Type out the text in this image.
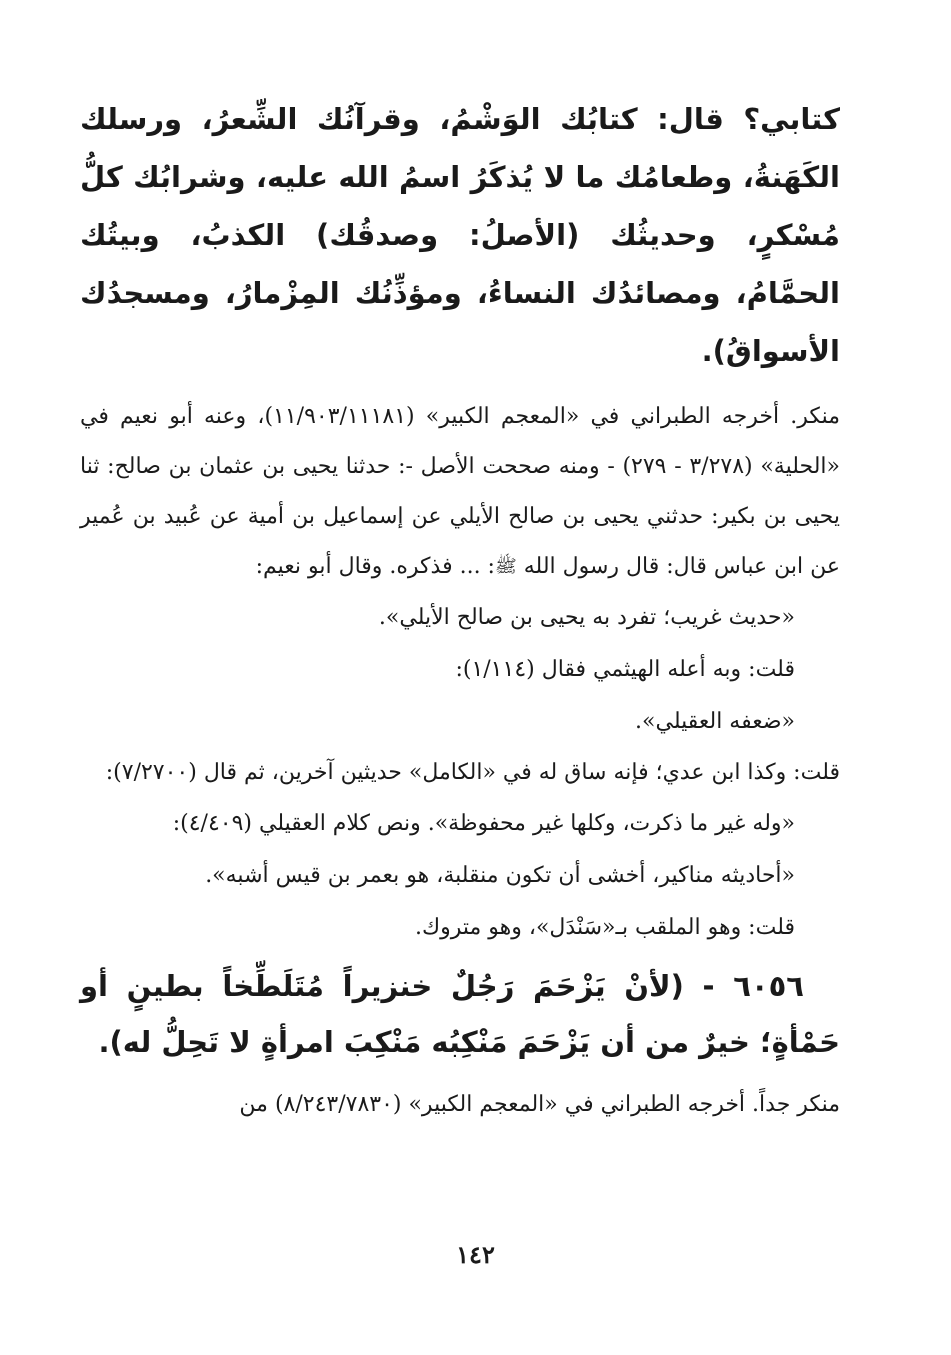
كتابي؟ قال: كتابُك الوَشْمُ، وقرآنُك الشِّعرُ، ورسلك الكَهَنةُ، وطعامُك ما لا يُذكَرُ اسمُ الله عليه، وشرابُك كلُّ مُسْكرٍ، وحديثُك (الأصلُ: وصدقُك) الكذبُ، وبيتُك الحمَّامُ، ومصائدُك النساءُ، ومؤذِّنُك المِزْمارُ، ومسجدُك الأسواقُ).

منكر. أخرجه الطبراني في «المعجم الكبير» (١١/٩٠٣/١١١٨١)، وعنه أبو نعيم في «الحلية» (٣/٢٧٨ - ٢٧٩) - ومنه صححت الأصل -: حدثنا يحيى بن عثمان بن صالح: ثنا يحيى بن بكير: حدثني يحيى بن صالح الأيلي عن إسماعيل بن أمية عن عُبيد بن عُمير عن ابن عباس قال: قال رسول الله ﷺ: ... فذكره. وقال أبو نعيم:

«حديث غريب؛ تفرد به يحيى بن صالح الأيلي».

قلت: وبه أعله الهيثمي فقال (١/١١٤):

«ضعفه العقيلي».

قلت: وكذا ابن عدي؛ فإنه ساق له في «الكامل» حديثين آخرين، ثم قال (٧/٢٧٠٠):

«وله غير ما ذكرت، وكلها غير محفوظة». ونص كلام العقيلي (٤/٤٠٩):

«أحاديثه مناكير، أخشى أن تكون منقلبة، هو بعمر بن قيس أشبه».

قلت: وهو الملقب بـ«سَنْدَل»، وهو متروك.

٦٠٥٦ - (لأنْ يَزْحَمَ رَجُلٌ خنزيراً مُتَلَطِّخاً بطينٍ أو حَمْأةٍ؛ خيرٌ من أن يَزْحَمَ مَنْكِبُه مَنْكِبَ امرأةٍ لا تَحِلُّ له).

منكر جداً. أخرجه الطبراني في «المعجم الكبير» (٨/٢٤٣/٧٨٣٠) من

١٤٢
